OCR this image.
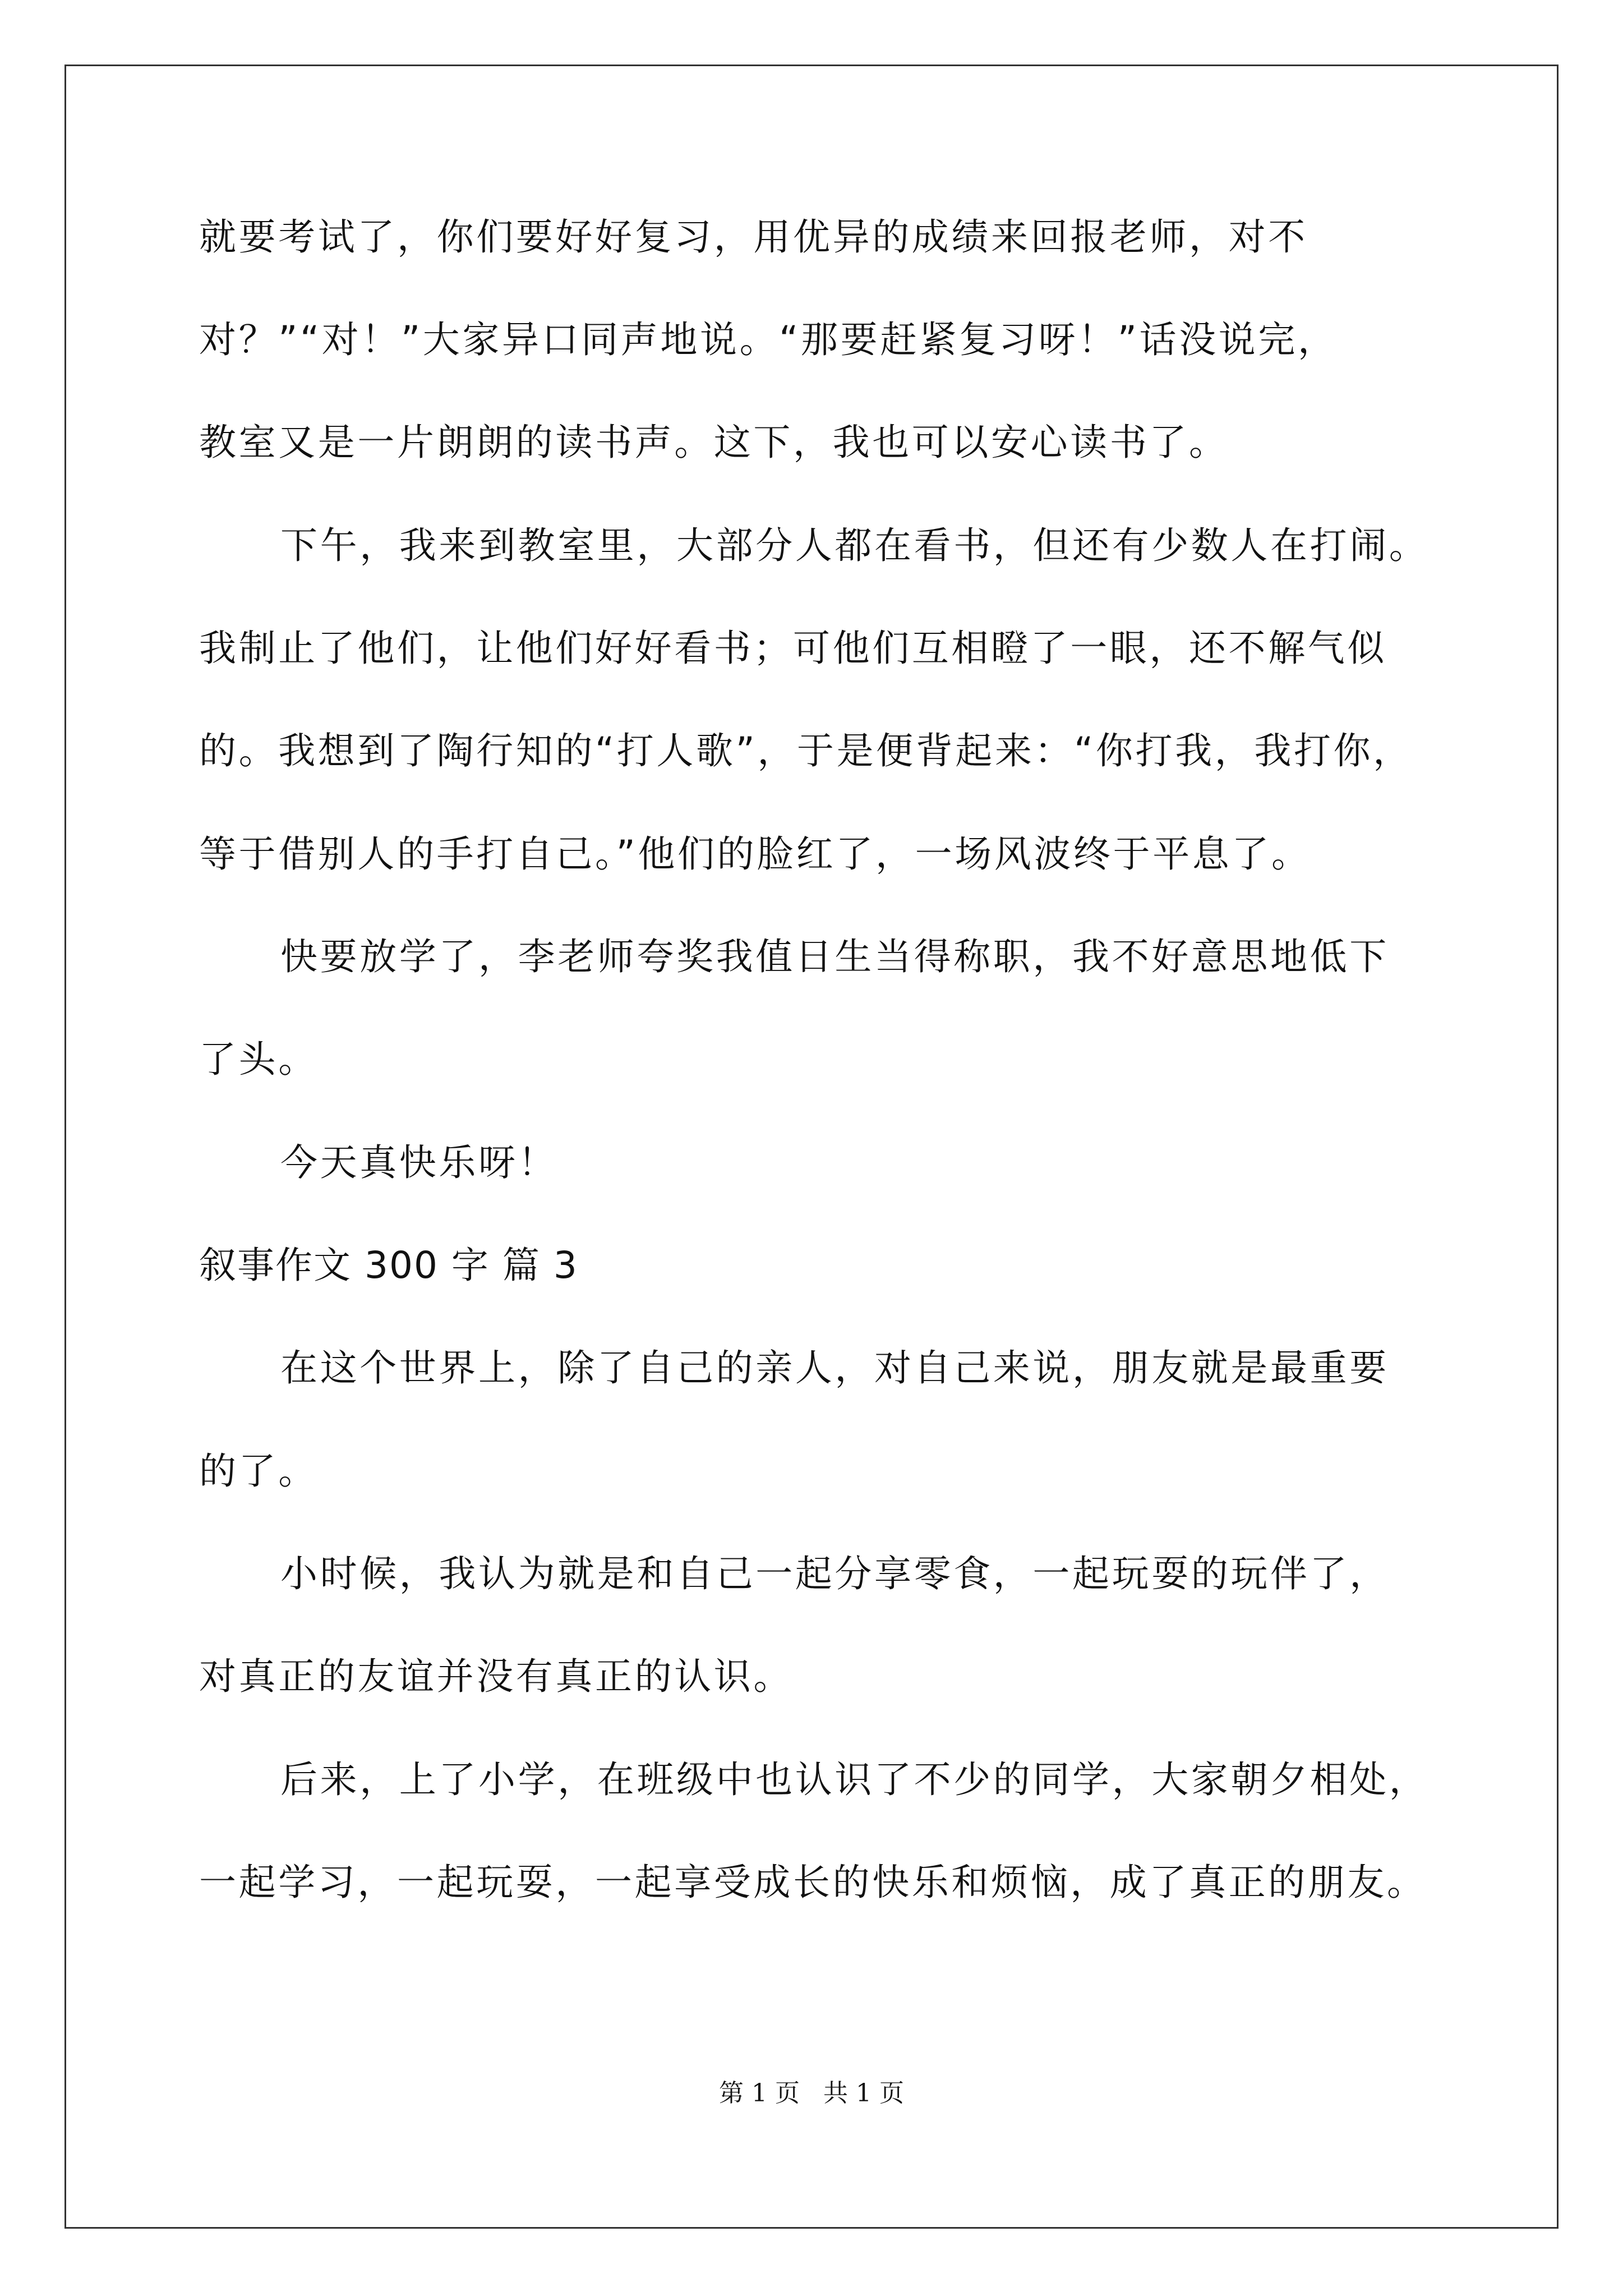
就要考试了，你们要好好复习，用优异的成绩来回报老师，对不
对？”“对！”大家异口同声地说。“那要赶紧复习呀！”话没说完，
教室又是一片朗朗的读书声。这下，我也可以安心读书了。
下午，我来到教室里，大部分人都在看书，但还有少数人在打闹。
我制止了他们，让他们好好看书；可他们互相瞪了一眼，还不解气似
的。我想到了陶行知的“打人歌”，于是便背起来：“你打我，我打你，
等于借别人的手打自己。”他们的脸红了，一场风波终于平息了。
快要放学了，李老师夸奖我值日生当得称职，我不好意思地低下
了头。
今天真快乐呀！
叙事作文 300 字 篇 3
在这个世界上，除了自己的亲人，对自己来说，朋友就是最重要
的了。
小时候，我认为就是和自己一起分享零食，一起玩耍的玩伴了，
对真正的友谊并没有真正的认识。
后来，上了小学，在班级中也认识了不少的同学，大家朝夕相处，
一起学习，一起玩耍，一起享受成长的快乐和烦恼，成了真正的朋友。
第 1 页 共 1 页
